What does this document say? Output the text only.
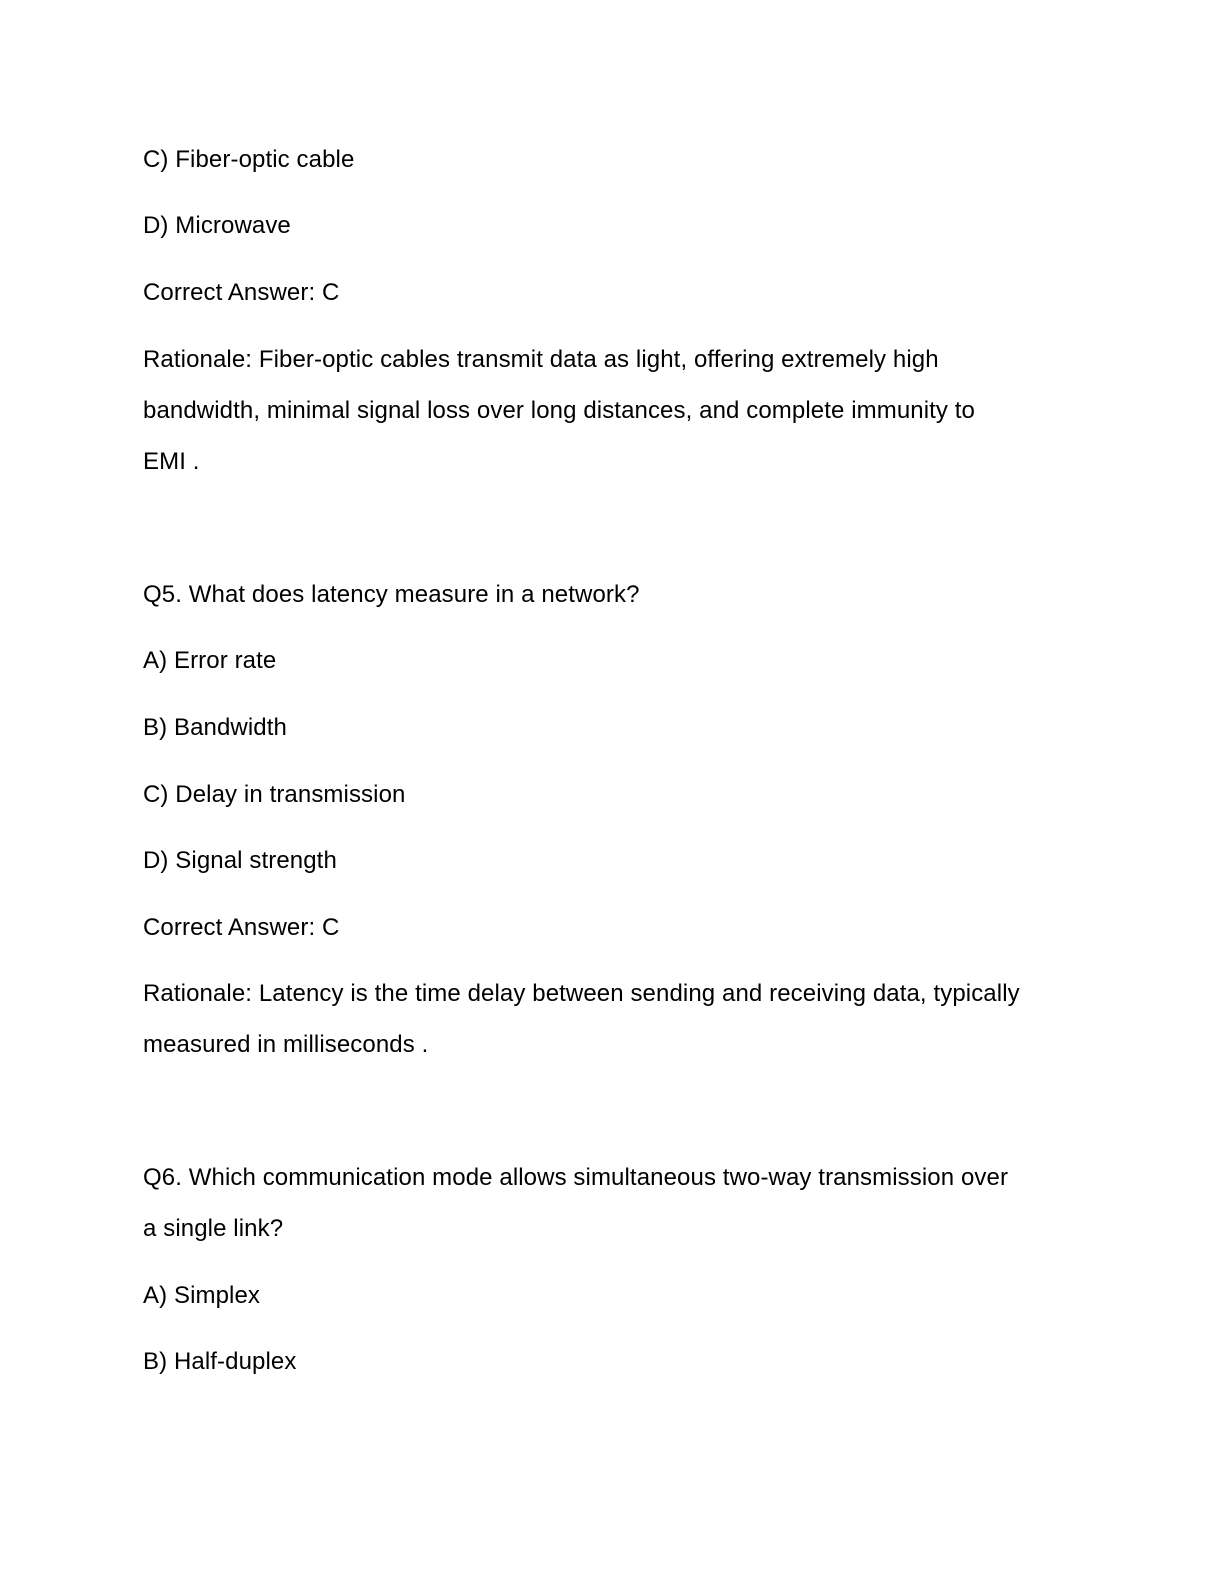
C) Fiber-optic cable
D) Microwave
Correct Answer: C
Rationale: Fiber-optic cables transmit data as light, offering extremely high
bandwidth, minimal signal loss over long distances, and complete immunity to
EMI .
Q5. What does latency measure in a network?
A) Error rate
B) Bandwidth
C) Delay in transmission
D) Signal strength
Correct Answer: C
Rationale: Latency is the time delay between sending and receiving data, typically
measured in milliseconds .
Q6. Which communication mode allows simultaneous two-way transmission over
a single link?
A) Simplex
B) Half-duplex
